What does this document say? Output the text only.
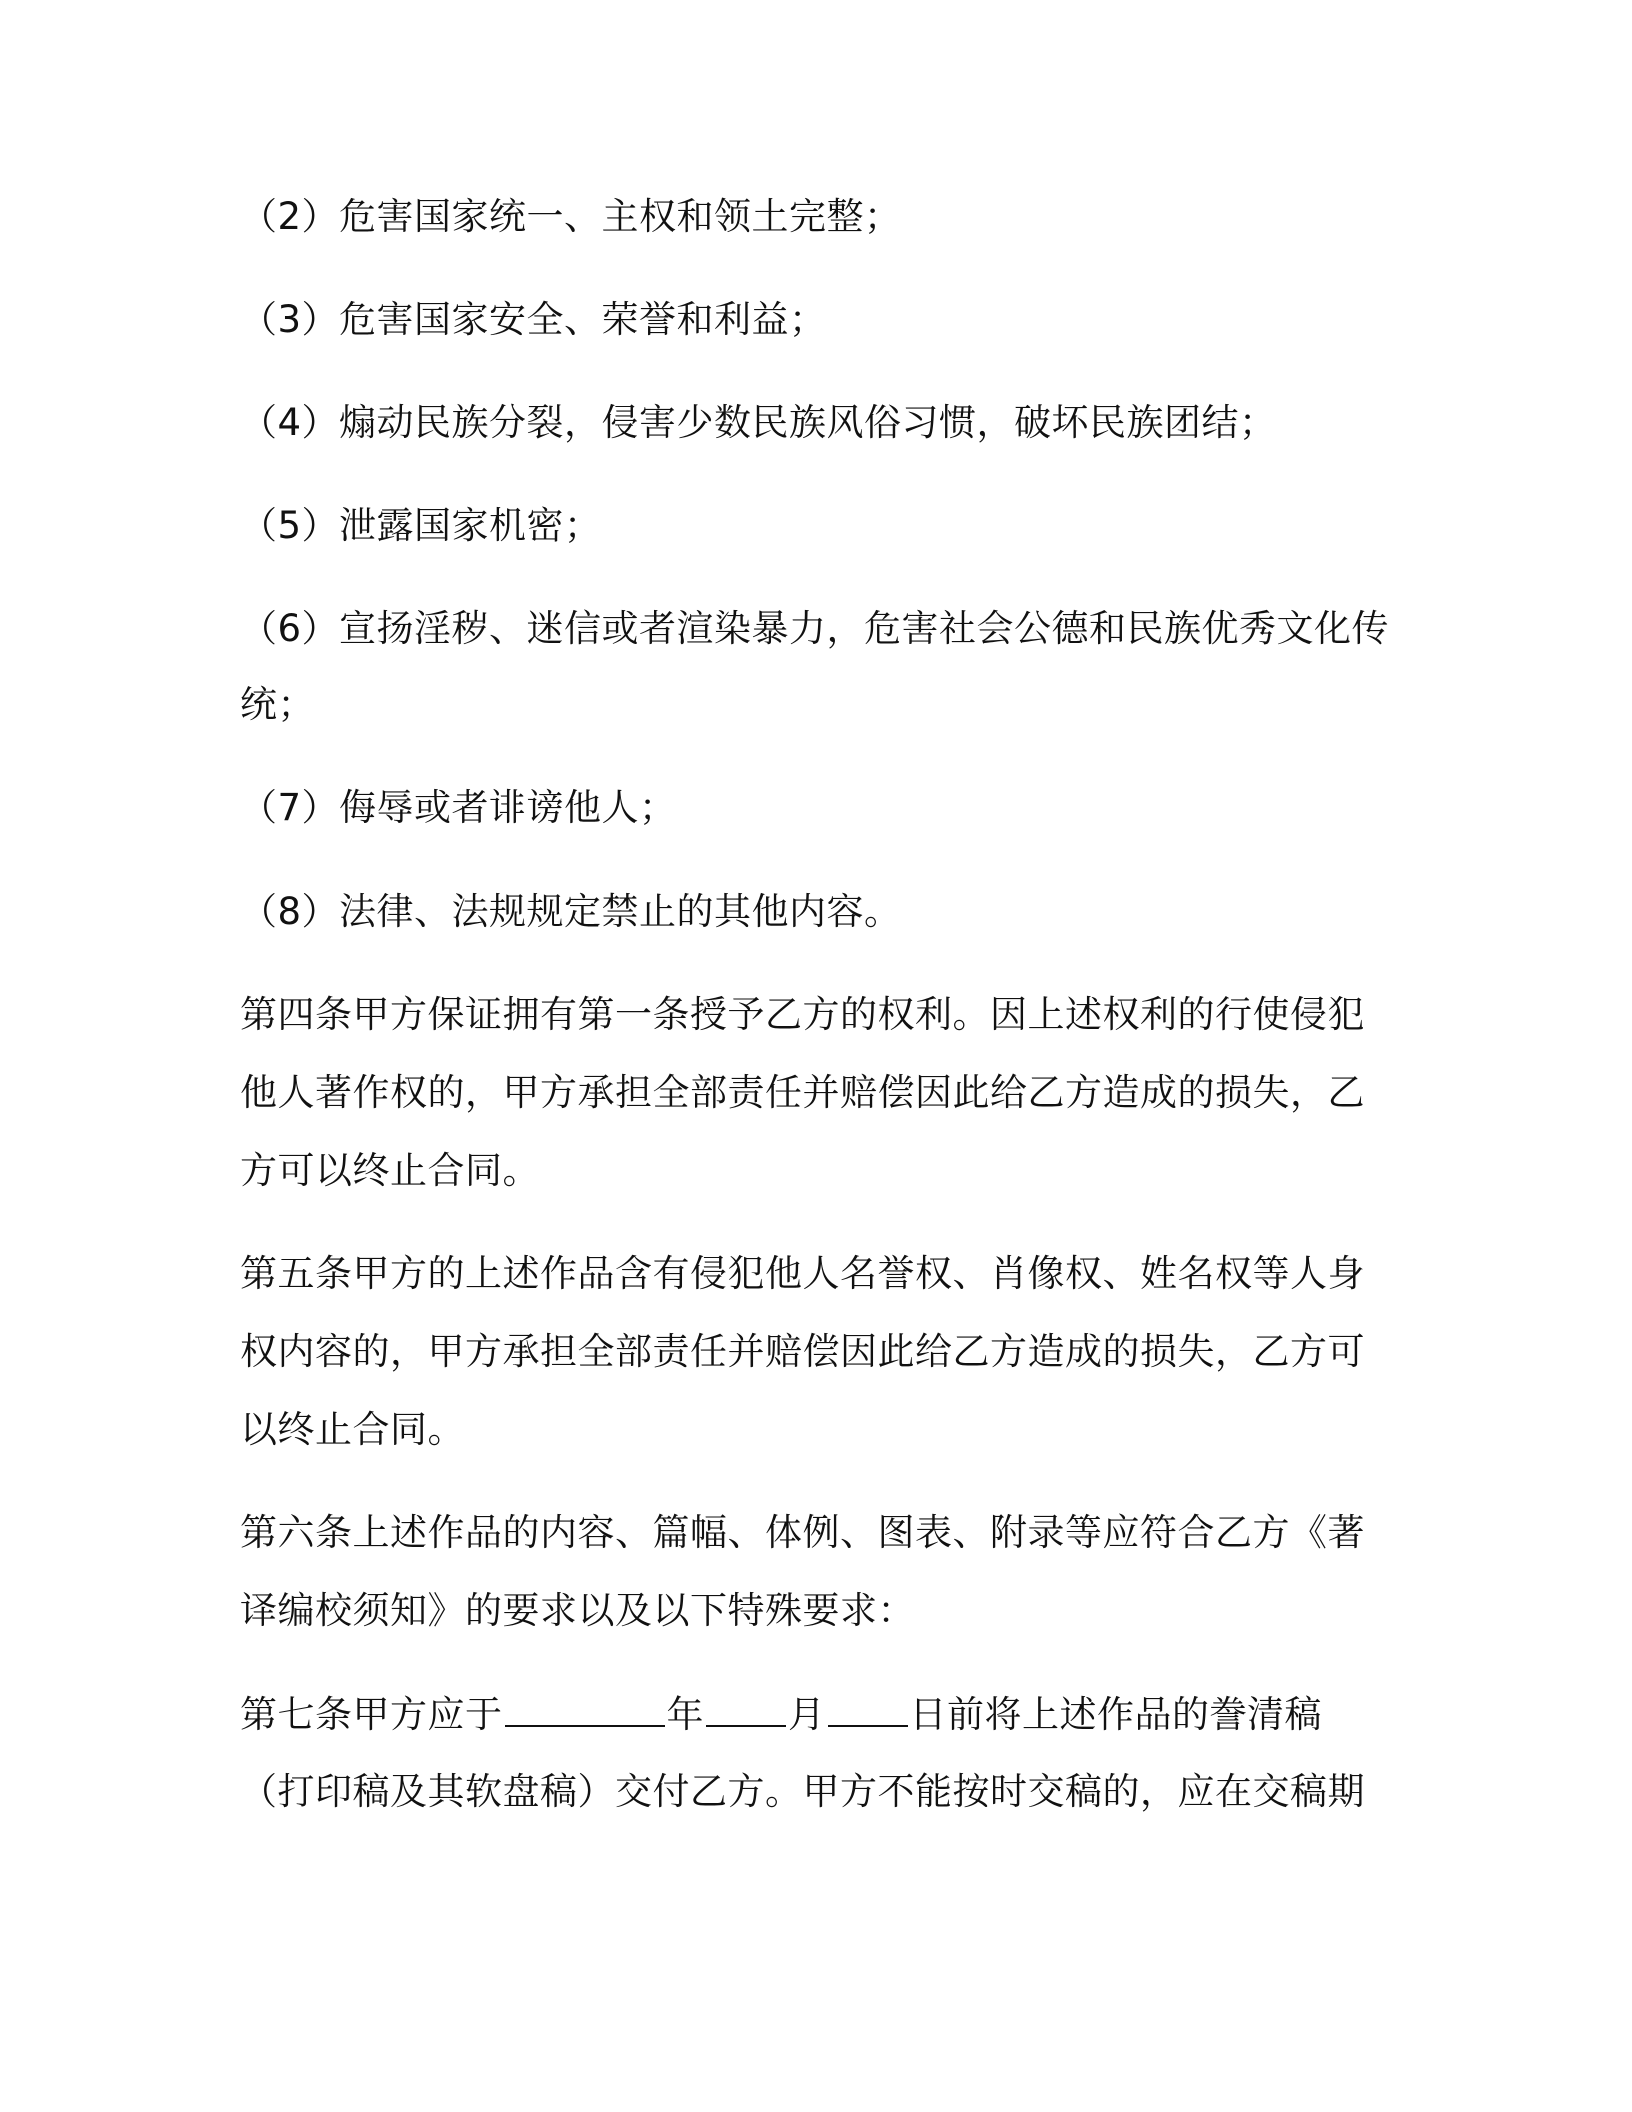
（2）危害国家统一、主权和领土完整；
（3）危害国家安全、荣誉和利益；
（4）煽动民族分裂，侵害少数民族风俗习惯，破坏民族团结；
（5）泄露国家机密；
（6）宣扬淫秽、迷信或者渲染暴力，危害社会公德和民族优秀文化传
统；
（7）侮辱或者诽谤他人；
（8）法律、法规规定禁止的其他内容。
第四条甲方保证拥有第一条授予乙方的权利。因上述权利的行使侵犯
他人著作权的，甲方承担全部责任并赔偿因此给乙方造成的损失，乙
方可以终止合同。
第五条甲方的上述作品含有侵犯他人名誉权、肖像权、姓名权等人身
权内容的，甲方承担全部责任并赔偿因此给乙方造成的损失，乙方可
以终止合同。
第六条上述作品的内容、篇幅、体例、图表、附录等应符合乙方《著
译编校须知》的要求以及以下特殊要求：
第七条甲方应于	年 月 日前将上述作品的誊清稿
（打印稿及其软盘稿）交付乙方。甲方不能按时交稿的，应在交稿期
